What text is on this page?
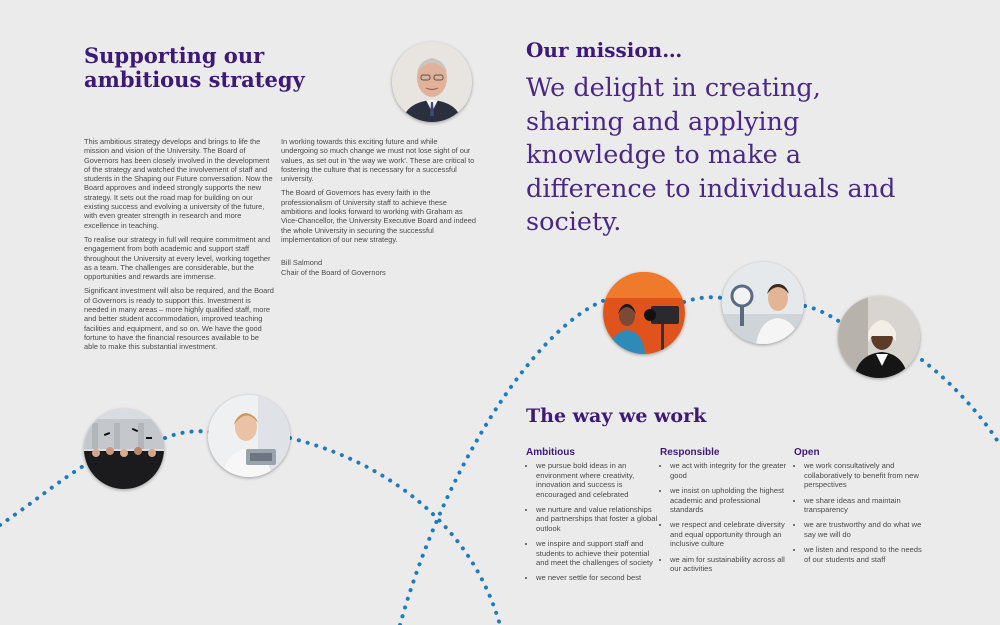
Supporting our ambitious strategy

This ambitious strategy develops and brings to life the mission and vision of the University. The Board of Governors has been closely involved in the development of the strategy and watched the involvement of staff and students in the Shaping our Future conversation. Now the Board approves and indeed strongly supports the new strategy. It sets out the road map for building on our existing success and evolving a university of the future, with even greater strength in research and more excellence in teaching.

To realise our strategy in full will require commitment and engagement from both academic and support staff throughout the University at every level, working together as a team. The challenges are considerable, but the opportunities and rewards are immense.

Significant investment will also be required, and the Board of Governors is ready to support this. Investment is needed in many areas – more highly qualified staff, more and better student accommodation, improved teaching facilities and equipment, and so on. We have the good fortune to have the financial resources available to be able to make this substantial investment.

In working towards this exciting future and while undergoing so much change we must not lose sight of our values, as set out in 'the way we work'. These are critical to fostering the culture that is necessary for a successful university.

The Board of Governors has every faith in the professionalism of University staff to achieve these ambitions and looks forward to working with Graham as Vice-Chancellor, the University Executive Board and indeed the whole University in securing the successful implementation of our new strategy.

Bill Salmond
Chair of the Board of Governors
Our mission…
We delight in creating, sharing and applying knowledge to make a difference to individuals and society.
The way we work
Ambitious
• we pursue bold ideas in an environment where creativity, innovation and success is encouraged and celebrated
• we nurture and value relationships and partnerships that foster a global outlook
• we inspire and support staff and students to achieve their potential and meet the challenges of society
• we never settle for second best
Responsible
• we act with integrity for the greater good
• we insist on upholding the highest academic and professional standards
• we respect and celebrate diversity and equal opportunity through an inclusive culture
• we aim for sustainability across all our activities
Open
• we work consultatively and collaboratively to benefit from new perspectives
• we share ideas and maintain transparency
• we are trustworthy and do what we say we will do
• we listen and respond to the needs of our students and staff
